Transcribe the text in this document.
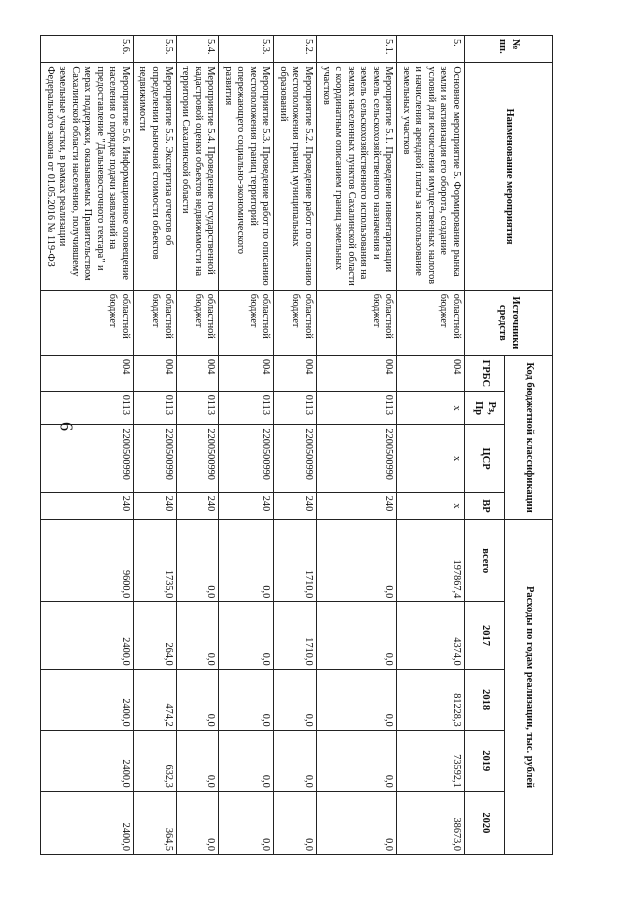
6
№ пп.	Наименование мероприятия	Источники средств	Код бюджетной классификации				Расходы по годам реализации, тыс. рублей				
			ГРБС	Рз, Пр	ЦСР	ВР	всего	2017	2018	2019	2020
5.	Основное мероприятие 5. Формирование рынка земли и активизация его оборота, создание условий для исчисления имущественных налогов и начисления арендной платы за использование земельных участков	областной бюджет	004	x	x	x	197867,4	4374,0	81228,3	73592,1	38673,0
5.1.	Мероприятие 5.1. Проведение инвентаризации земель сельскохозяйственного назначения и земель сельскохозяйственного использования на землях населенных пунктов Сахалинской области с координатным описанием границ земельных участков	областной бюджет	004	0113	2200500990	240	0,0	0,0	0,0	0,0	0,0
5.2.	Мероприятие 5.2. Проведение работ по описанию местоположения границ муниципальных образований	областной бюджет	004	0113	2200500990	240	1710,0	1710,0	0,0	0,0	0,0
5.3.	Мероприятие 5.3. Проведение работ по описанию местоположения границ территорий опережающего социально-экономического развития	областной бюджет	004	0113	2200500990	240	0,0	0,0	0,0	0,0	0,0
5.4.	Мероприятие 5.4. Проведение государственной кадастровой оценки объектов недвижимости на территории Сахалинской области	областной бюджет	004	0113	2200500990	240	0,0	0,0	0,0	0,0	0,0
5.5.	Мероприятие 5.5. Экспертиза отчетов об определении рыночной стоимости объектов недвижимости	областной бюджет	004	0113	2200500990	240	1735,0	264,0	474,2	632,3	364,5
5.6.	Мероприятие 5.6. Информационное оповещение населения о порядке подачи заявлений на предоставление "Дальневосточного гектара" и мерах поддержки, оказываемых Правительством Сахалинской области населению, получившему земельные участки, в рамках реализации Федерального закона от 01.05.2016 № 119-ФЗ	областной бюджет	004	0113	2200500990	240	9600,0	2400,0	2400,0	2400,0	2400,0
